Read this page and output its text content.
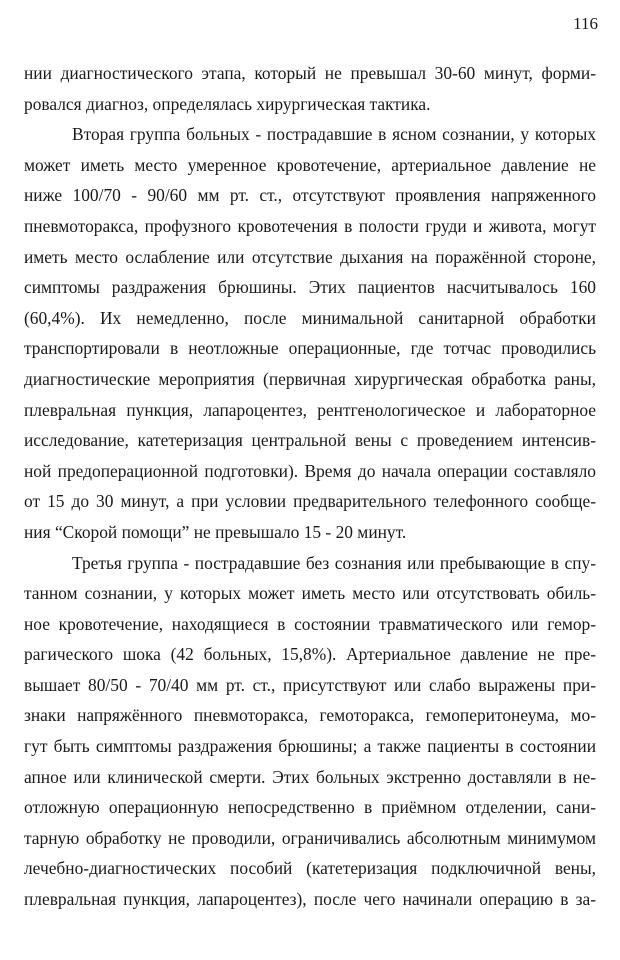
116
нии диагностического этапа, который не превышал 30-60 минут, форми-
ровался диагноз, определялась хирургическая тактика.
Вторая группа больных - пострадавшие в ясном сознании, у которых
может иметь место умеренное кровотечение, артериальное давление не
ниже 100/70 - 90/60 мм рт. ст., отсутствуют проявления напряженного
пневмоторакса, профузного кровотечения в полости груди и живота, могут
иметь место ослабление или отсутствие дыхания на поражённой стороне,
симптомы раздражения брюшины. Этих пациентов насчитывалось 160
(60,4%). Их немедленно, после минимальной санитарной обработки
транспортировали в неотложные операционные, где тотчас проводились
диагностические мероприятия (первичная хирургическая обработка раны,
плевральная пункция, лапароцентез, рентгенологическое и лабораторное
исследование, катетеризация центральной вены с проведением интенсив-
ной предоперационной подготовки). Время до начала операции составляло
от 15 до 30 минут, а при условии предварительного телефонного сообще-
ния “Скорой помощи” не превышало 15 - 20 минут.
Третья группа - пострадавшие без сознания или пребывающие в спу-
танном сознании, у которых может иметь место или отсутствовать обиль-
ное кровотечение, находящиеся в состоянии травматического или гемор-
рагического шока (42 больных, 15,8%). Артериальное давление не пре-
вышает 80/50 - 70/40 мм рт. ст., присутствуют или слабо выражены при-
знаки напряжённого пневмоторакса, гемоторакса, гемоперитонеума, мо-
гут быть симптомы раздражения брюшины; а также пациенты в состоянии
апное или клинической смерти. Этих больных экстренно доставляли в не-
отложную операционную непосредственно в приёмном отделении, сани-
тарную обработку не проводили, ограничивались абсолютным минимумом
лечебно-диагностических пособий (катетеризация подключичной вены,
плевральная пункция, лапароцентез), после чего начинали операцию в за-
